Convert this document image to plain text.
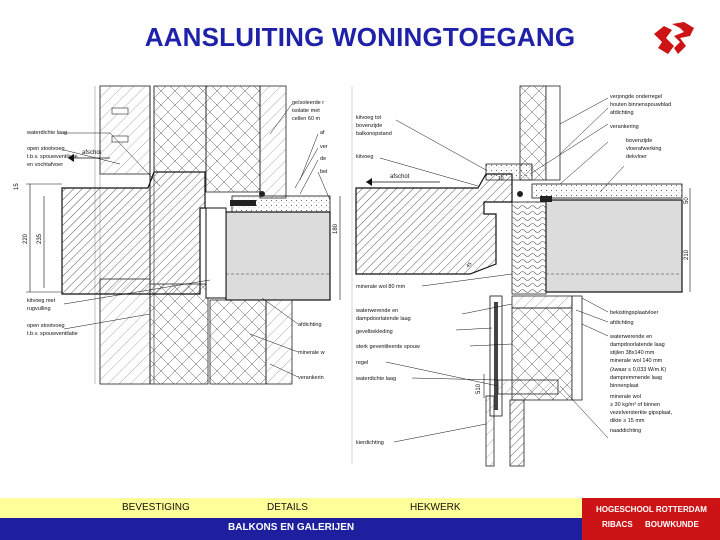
AANSLUITING WONINGTOEGANG
afschot
15
220 235
180
waterdichte laag
open stootvoeg
t.b.v. spouwventilatie
en vochtafvoer
kitvoeg met
rugvulling
open stootvoeg
t.b.v. spouwventilatie
geïsoleerde r
isolatie met
cellen 60 m
af
ver
de
bel
afdichting
minerale w
verankerin
afschot
50
210
510
45
10
kitvoeg tot
bovenzijde
balkonopstand
kitvoeg
minerale wol 80 mm
waterwerende en
dampdoorlatende laag
gevelbekleding
sterk geventileerde spouw
regel
waterdichte laag
kierdichting
verjongde onderregel
houten binnenspouwblad
afdichting
verankering
bovenzijde
vloerafwerking
dekvloer
bekistingsplaatvloer
afdichting
waterwerende en
dampdoorlatende laag
stijlen 38x140 mm
minerale wol 140 mm
(λwaar ≤ 0,033 W/m.K)
dampremmende laag
binnenplaat
minerale wol
≥ 30 kg/m³ of binnen
vezelversterkte gipsplaat,
dikte ≥ 15 mm
naaddichting
BEVESTIGING	DETAILS	HEKWERK
BALKONS EN GALERIJEN
HOGESCHOOL ROTTERDAM
RIBACS BOUWKUNDE
